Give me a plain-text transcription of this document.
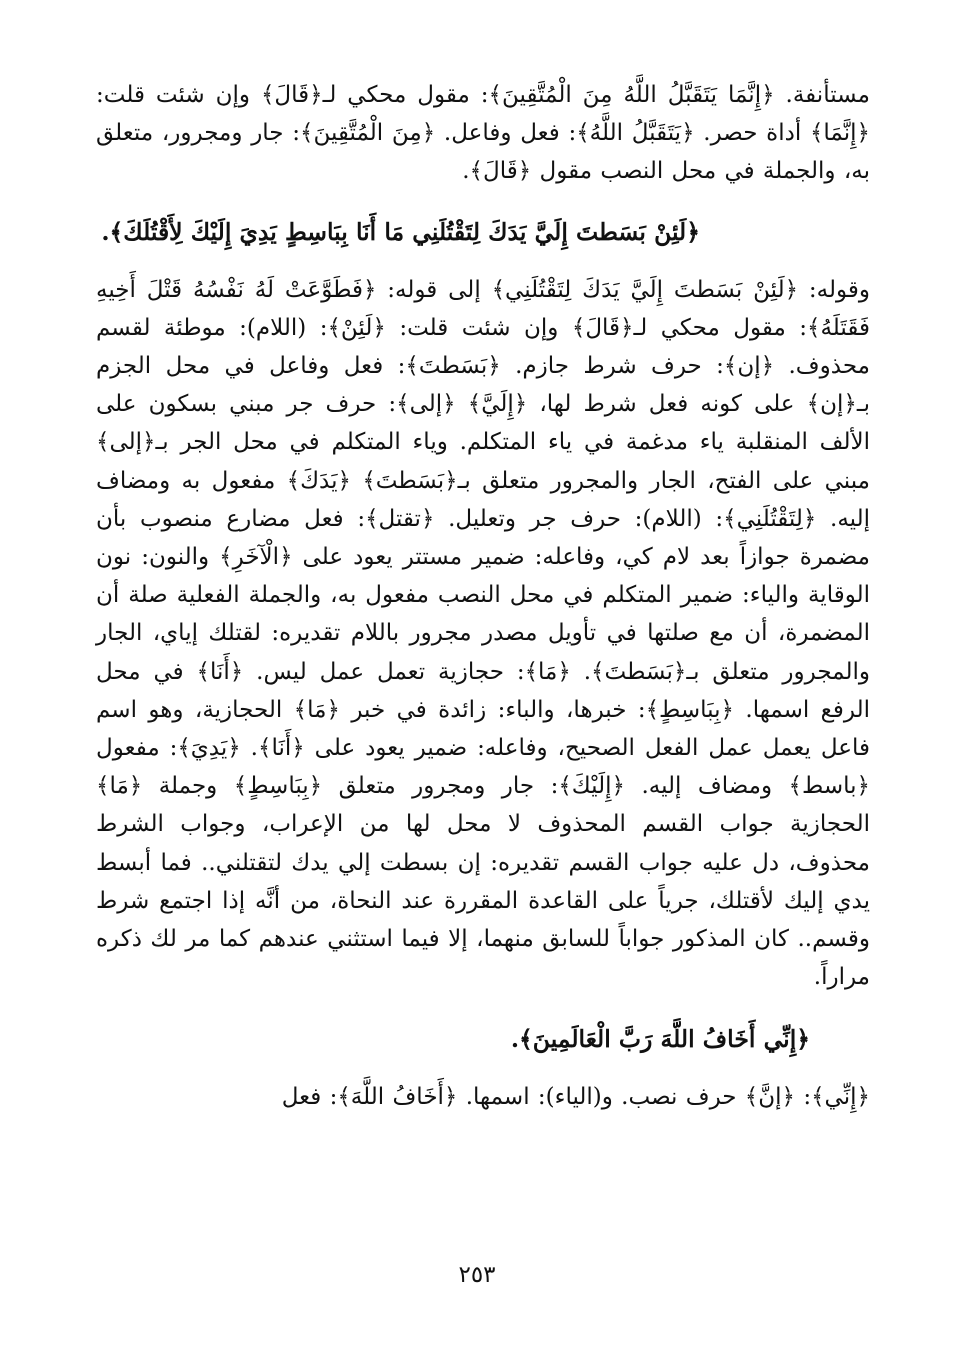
مستأنفة. ﴿إِنَّمَا يَتَقَبَّلُ اللَّهُ مِنَ الْمُتَّقِينَ﴾: مقول محكي لـ﴿قَالَ﴾ وإن شئت قلت: ﴿إِنَّمَا﴾ أداة حصر. ﴿يَتَقَبَّلُ اللَّهُ﴾: فعل وفاعل. ﴿مِنَ الْمُتَّقِينَ﴾: جار ومجرور، متعلق به، والجملة في محل النصب مقول ﴿قَالَ﴾.

﴿لَئِنْ بَسَطتَ إِلَيَّ يَدَكَ لِتَقْتُلَنِي مَا أَنَا بِبَاسِطٍ يَدِيَ إِلَيْكَ لِأَقْتُلَكَ﴾.

وقوله: ﴿لَئِنْ بَسَطتَ إِلَيَّ يَدَكَ لِتَقْتُلَنِي﴾ إلى قوله: ﴿فَطَوَّعَتْ لَهُ نَفْسُهُ قَتْلَ أَخِيهِ فَقَتَلَهُ﴾: مقول محكي لـ﴿قَالَ﴾ وإن شئت قلت: ﴿لَئِنْ﴾: (اللام): موطئة لقسم محذوف. ﴿إن﴾: حرف شرط جازم. ﴿بَسَطتَ﴾: فعل وفاعل في محل الجزم بـ﴿إن﴾ على كونه فعل شرط لها، ﴿إِلَيَّ﴾ ﴿إلى﴾: حرف جر مبني بسكون على الألف المنقلبة ياء مدغمة في ياء المتكلم. وياء المتكلم في محل الجر بـ﴿إلى﴾ مبني على الفتح، الجار والمجرور متعلق بـ﴿بَسَطتَ﴾ ﴿يَدَكَ﴾ مفعول به ومضاف إليه. ﴿لِتَقْتُلَنِي﴾: (اللام): حرف جر وتعليل. ﴿تقتل﴾: فعل مضارع منصوب بأن مضمرة جوازاً بعد لام كي، وفاعله: ضمير مستتر يعود على ﴿الْآخَرِ﴾ والنون: نون الوقاية والياء: ضمير المتكلم في محل النصب مفعول به، والجملة الفعلية صلة أن المضمرة، أن مع صلتها في تأويل مصدر مجرور باللام تقديره: لقتلك إياي، الجار والمجرور متعلق بـ﴿بَسَطتَ﴾. ﴿مَا﴾: حجازية تعمل عمل ليس. ﴿أَنَا﴾ في محل الرفع اسمها. ﴿بِبَاسِطٍ﴾: خبرها، والباء: زائدة في خبر ﴿مَا﴾ الحجازية، وهو اسم فاعل يعمل عمل الفعل الصحيح، وفاعله: ضمير يعود على ﴿أَنَا﴾. ﴿يَدِيَ﴾: مفعول ﴿باسط﴾ ومضاف إليه. ﴿إِلَيْكَ﴾: جار ومجرور متعلق ﴿بِبَاسِطٍ﴾ وجملة ﴿مَا﴾ الحجازية جواب القسم المحذوف لا محل لها من الإعراب، وجواب الشرط محذوف، دل عليه جواب القسم تقديره: إن بسطت إلي يدك لتقتلني.. فما أبسط يدي إليك لأقتلك، جرياً على القاعدة المقررة عند النحاة، من أنَّه إذا اجتمع شرط وقسم.. كان المذكور جواباً للسابق منهما، إلا فيما استثني عندهم كما مر لك ذكره مراراً.

﴿إِنِّي أَخَافُ اللَّهَ رَبَّ الْعَالَمِينَ﴾.

﴿إِنِّي﴾: ﴿إنَّ﴾ حرف نصب. و(الياء): اسمها. ﴿أَخَافُ اللَّهَ﴾: فعل

٢٥٣
